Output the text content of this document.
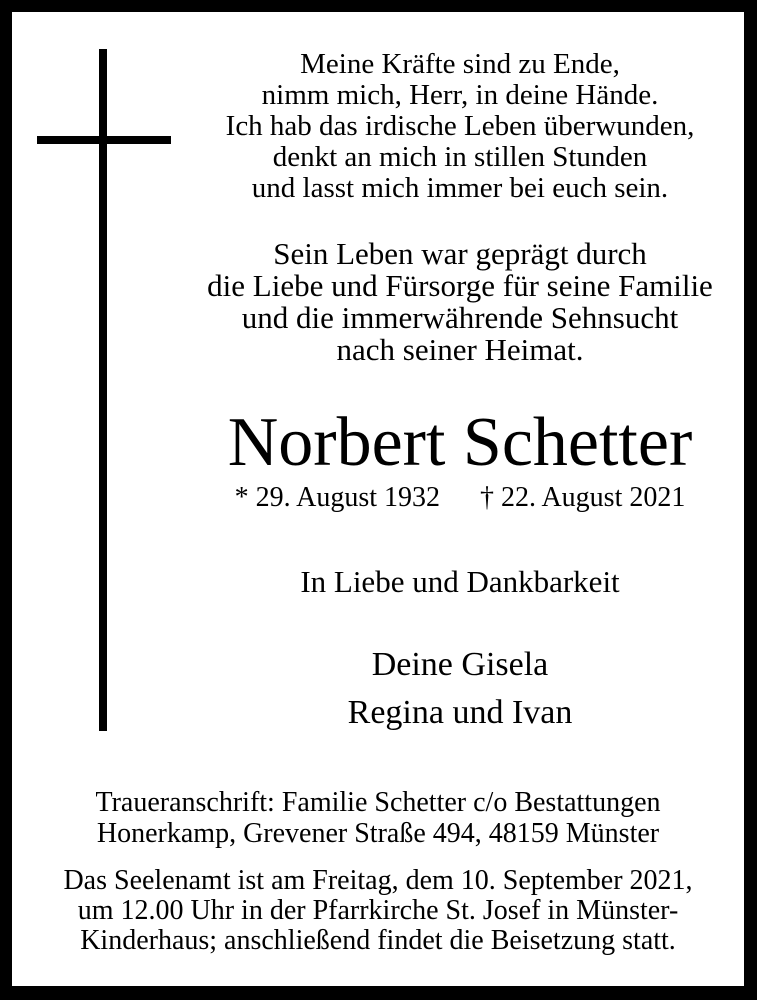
Meine Kräfte sind zu Ende,
nimm mich, Herr, in deine Hände.
Ich hab das irdische Leben überwunden,
denkt an mich in stillen Stunden
und lasst mich immer bei euch sein.
Sein Leben war geprägt durch
die Liebe und Fürsorge für seine Familie
und die immerwährende Sehnsucht
nach seiner Heimat.
Norbert Schetter
* 29. August 1932 † 22. August 2021
In Liebe und Dankbarkeit
Deine Gisela
Regina und Ivan
Traueranschrift: Familie Schetter c/o Bestattungen
Honerkamp, Grevener Straße 494, 48159 Münster
Das Seelenamt ist am Freitag, dem 10. September 2021,
um 12.00 Uhr in der Pfarrkirche St. Josef in Münster-
Kinderhaus; anschließend findet die Beisetzung statt.
